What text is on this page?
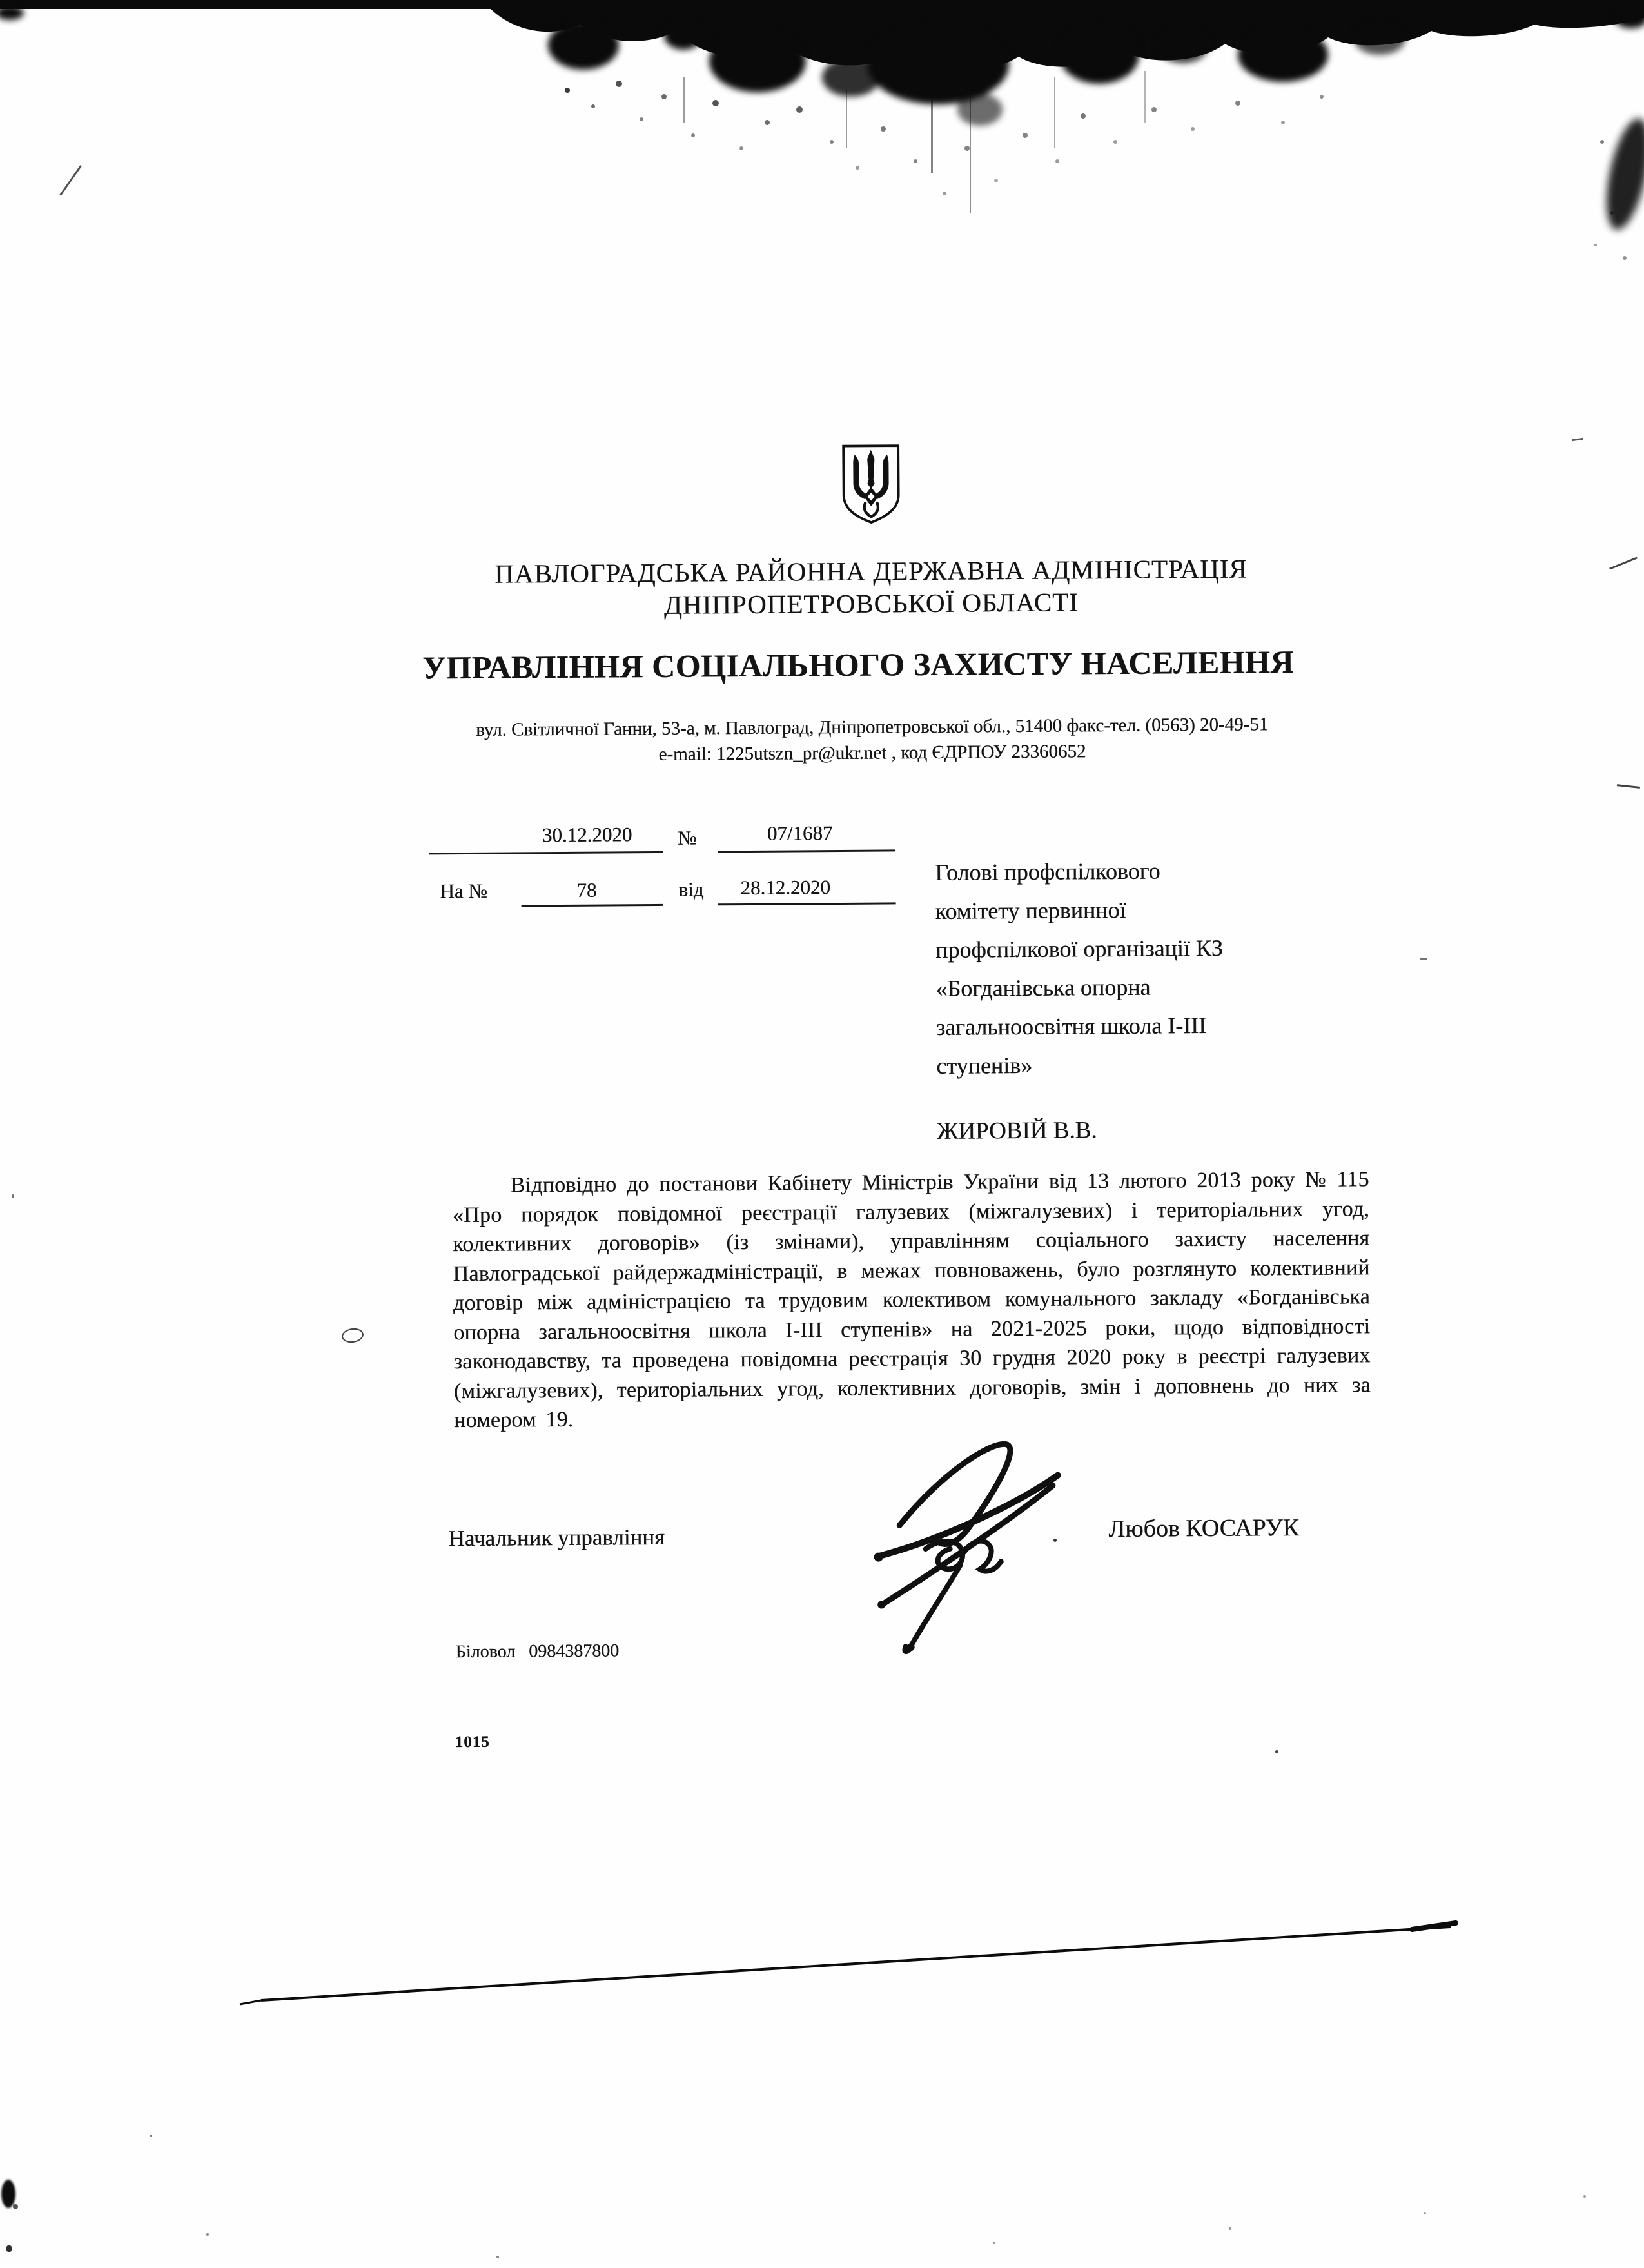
ПАВЛОГРАДСЬКА РАЙОННА ДЕРЖАВНА АДМІНІСТРАЦІЯ
ДНІПРОПЕТРОВСЬКОЇ ОБЛАСТІ
УПРАВЛІННЯ СОЦІАЛЬНОГО ЗАХИСТУ НАСЕЛЕННЯ
вул. Світличної Ганни, 53-а, м. Павлоград, Дніпропетровської обл., 51400 факс-тел. (0563) 20-49-51
e-mail: 1225utszn_pr@ukr.net , код ЄДРПОУ 23360652
30.12.2020 №	07/1687
На №	78	від 28.12.2020
Голові профспілкового
комітету первинної
профспілкової організації КЗ
«Богданівська опорна
загальноосвітня школа І-ІІІ
ступенів»
ЖИРОВІЙ В.В.
Відповідно до постанови Кабінету Міністрів України від 13 лютого 2013 року № 115 «Про порядок повідомної реєстрації галузевих (міжгалузевих) і територіальних угод, колективних договорів» (із змінами), управлінням соціального захисту населення Павлоградської райдержадміністрації, в межах повноважень, було розглянуто колективний договір між адміністрацією та трудовим колективом комунального закладу «Богданівська опорна загальноосвітня школа І-ІІІ ступенів» на 2021-2025 роки, щодо відповідності законодавству, та проведена повідомна реєстрація 30 грудня 2020 року в реєстрі галузевих (міжгалузевих), територіальних угод, колективних договорів, змін і доповнень до них за номером 19.
Начальник управління	Любов КОСАРУК
Біловол 0984387800
1015
